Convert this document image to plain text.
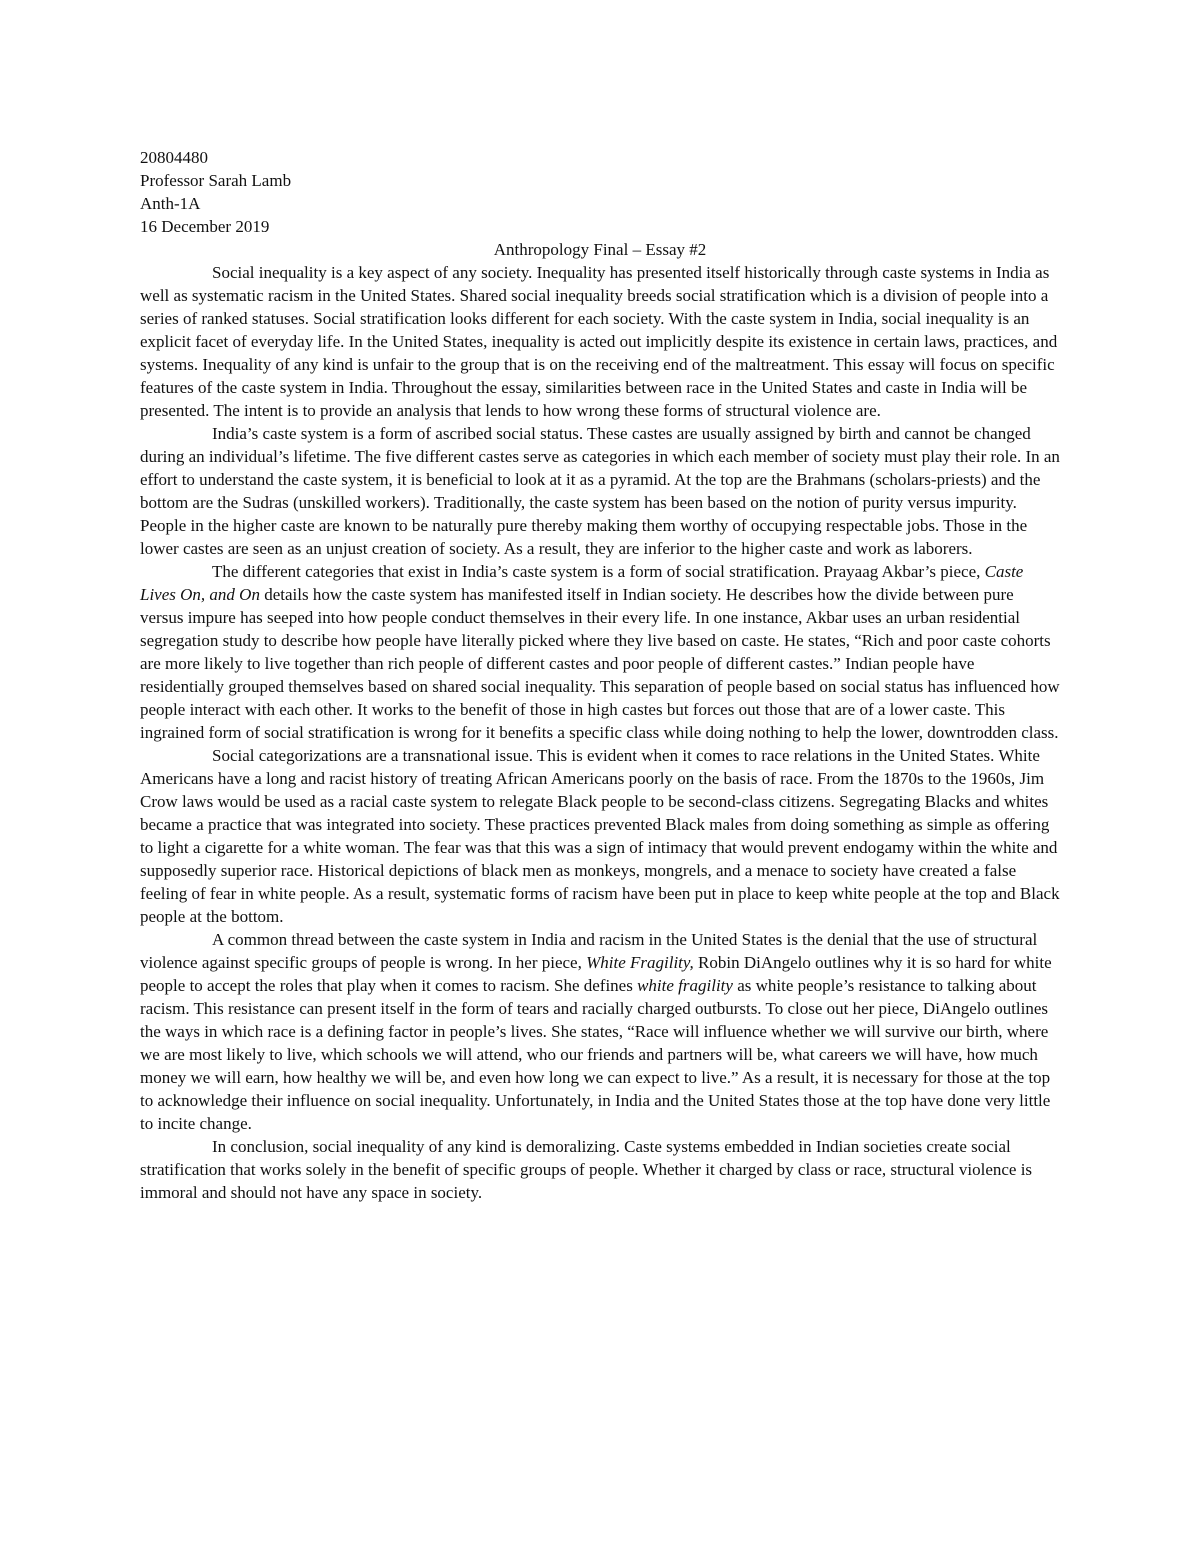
20804480
Professor Sarah Lamb
Anth-1A
16 December 2019
Anthropology Final – Essay #2

Social inequality is a key aspect of any society. Inequality has presented itself historically through caste systems in India as well as systematic racism in the United States. Shared social inequality breeds social stratification which is a division of people into a series of ranked statuses. Social stratification looks different for each society. With the caste system in India, social inequality is an explicit facet of everyday life. In the United States, inequality is acted out implicitly despite its existence in certain laws, practices, and systems. Inequality of any kind is unfair to the group that is on the receiving end of the maltreatment. This essay will focus on specific features of the caste system in India. Throughout the essay, similarities between race in the United States and caste in India will be presented. The intent is to provide an analysis that lends to how wrong these forms of structural violence are.

India’s caste system is a form of ascribed social status. These castes are usually assigned by birth and cannot be changed during an individual’s lifetime. The five different castes serve as categories in which each member of society must play their role. In an effort to understand the caste system, it is beneficial to look at it as a pyramid. At the top are the Brahmans (scholars-priests) and the bottom are the Sudras (unskilled workers). Traditionally, the caste system has been based on the notion of purity versus impurity. People in the higher caste are known to be naturally pure thereby making them worthy of occupying respectable jobs. Those in the lower castes are seen as an unjust creation of society. As a result, they are inferior to the higher caste and work as laborers.

The different categories that exist in India’s caste system is a form of social stratification. Prayaag Akbar’s piece, Caste Lives On, and On details how the caste system has manifested itself in Indian society. He describes how the divide between pure versus impure has seeped into how people conduct themselves in their every life. In one instance, Akbar uses an urban residential segregation study to describe how people have literally picked where they live based on caste. He states, “Rich and poor caste cohorts are more likely to live together than rich people of different castes and poor people of different castes.” Indian people have residentially grouped themselves based on shared social inequality. This separation of people based on social status has influenced how people interact with each other. It works to the benefit of those in high castes but forces out those that are of a lower caste. This ingrained form of social stratification is wrong for it benefits a specific class while doing nothing to help the lower, downtrodden class.

Social categorizations are a transnational issue. This is evident when it comes to race relations in the United States. White Americans have a long and racist history of treating African Americans poorly on the basis of race. From the 1870s to the 1960s, Jim Crow laws would be used as a racial caste system to relegate Black people to be second-class citizens. Segregating Blacks and whites became a practice that was integrated into society. These practices prevented Black males from doing something as simple as offering to light a cigarette for a white woman. The fear was that this was a sign of intimacy that would prevent endogamy within the white and supposedly superior race. Historical depictions of black men as monkeys, mongrels, and a menace to society have created a false feeling of fear in white people. As a result, systematic forms of racism have been put in place to keep white people at the top and Black people at the bottom.

A common thread between the caste system in India and racism in the United States is the denial that the use of structural violence against specific groups of people is wrong. In her piece, White Fragility, Robin DiAngelo outlines why it is so hard for white people to accept the roles that play when it comes to racism. She defines white fragility as white people’s resistance to talking about racism. This resistance can present itself in the form of tears and racially charged outbursts. To close out her piece, DiAngelo outlines the ways in which race is a defining factor in people’s lives. She states, “Race will influence whether we will survive our birth, where we are most likely to live, which schools we will attend, who our friends and partners will be, what careers we will have, how much money we will earn, how healthy we will be, and even how long we can expect to live.” As a result, it is necessary for those at the top to acknowledge their influence on social inequality. Unfortunately, in India and the United States those at the top have done very little to incite change.

In conclusion, social inequality of any kind is demoralizing. Caste systems embedded in Indian societies create social stratification that works solely in the benefit of specific groups of people. Whether it charged by class or race, structural violence is immoral and should not have any space in society.
